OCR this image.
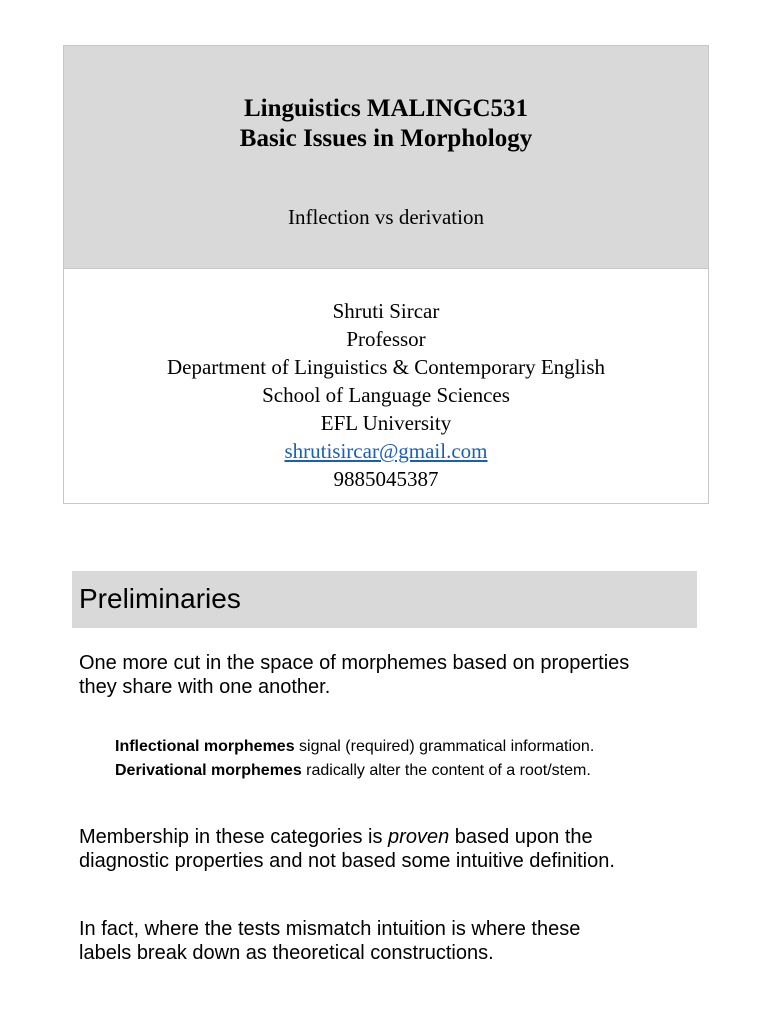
Linguistics MALINGC531
Basic Issues in Morphology
Inflection vs derivation
Shruti Sircar
Professor
Department of Linguistics & Contemporary English
School of Language Sciences
EFL University
shrutisircar@gmail.com
9885045387
Preliminaries
One more cut in the space of morphemes based on properties
they share with one another.
Inflectional morphemes signal (required) grammatical information.
Derivational morphemes radically alter the content of a root/stem.
Membership in these categories is proven based upon the
diagnostic properties and not based some intuitive definition.
In fact, where the tests mismatch intuition is where these
labels break down as theoretical constructions.
